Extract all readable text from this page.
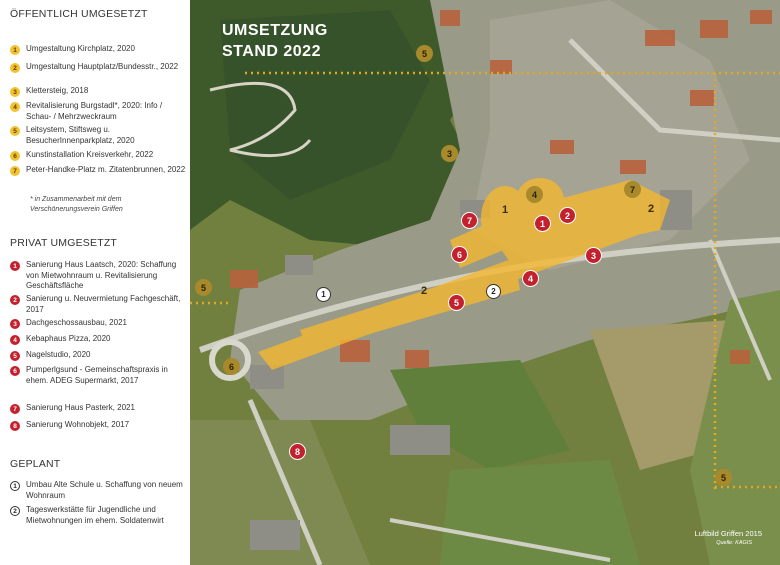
ÖFFENTLICH UMGESETZT
1	Umgestaltung Kirchplatz, 2020
2	Umgestaltung Hauptplatz/Bundesstr., 2022
3	Klettersteig, 2018
4	Revitalisierung Burgstadl*, 2020: Info / Schau- / Mehrzweckraum
5	Leitsystem, Stiftsweg u. BesucherInnenparkplatz, 2020
6	Kunstinstallation Kreisverkehr, 2022
7	Peter-Handke-Platz m. Zitatenbrunnen, 2022
* in Zusammenarbeit mit dem Verschönerungsverein Griffen
PRIVAT UMGESETZT
1	Sanierung Haus Laatsch, 2020: Schaffung von Mietwohnraum u. Revitalisierung Geschäftsfläche
2	Sanierung u. Neuvermietung Fachgeschäft, 2017
3	Dachgeschossausbau, 2021
4	Kebaphaus Pizza, 2020
5	Nagelstudio, 2020
6	Pumperlgsund - Gemeinschaftspraxis in ehem. ADEG Supermarkt, 2017
7	Sanierung Haus Pasterk, 2021
8	Sanierung Wohnobjekt, 2017
GEPLANT
1	Umbau Alte Schule u. Schaffung von neuem Wohnraum
2	Tageswerkstätte für Jugendliche und Mietwohnungen im ehem. Soldatenwirt
UMSETZUNG
STAND 2022
1
2
2
5
3
4	7
5
6
5
7	1
2
6	3
4
5
8
1	2
Luftbild Griffen 2015
Quelle: KAGIS
